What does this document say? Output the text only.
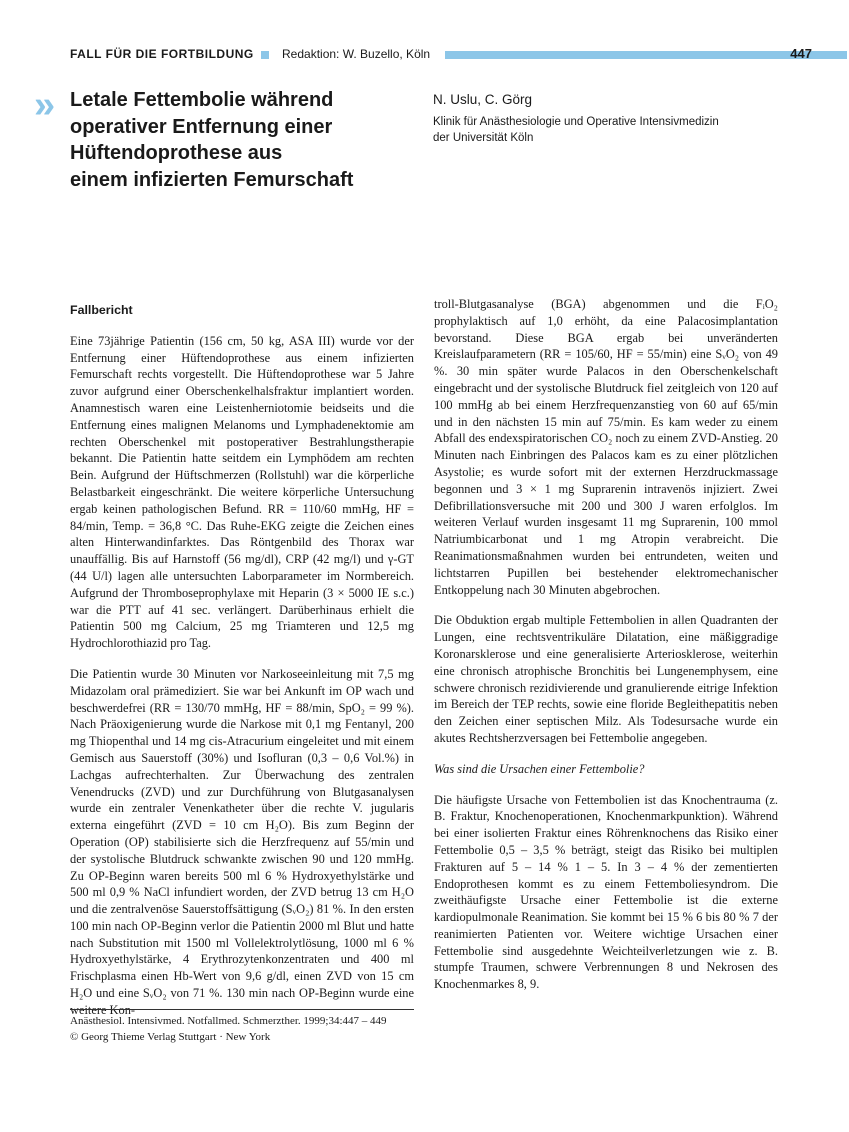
FALL FÜR DIE FORTBILDUNG Redaktion: W. Buzello, Köln	447
» Letale Fettembolie während
operativer Entfernung einer
Hüftendoprothese aus
einem infizierten Femurschaft
N. Uslu, C. Görg
Klinik für Anästhesiologie und Operative Intensivmedizin
der Universität Köln
Fallbericht

Eine 73jährige Patientin (156 cm, 50 kg, ASA III) wurde vor der Entfernung einer Hüftendoprothese aus einem infizierten Femurschaft rechts vorgestellt. Die Hüftendoprothese war 5 Jahre zuvor aufgrund einer Oberschenkelhalsfraktur implantiert worden. Anamnestisch waren eine Leistenherniotomie beidseits und die Entfernung eines malignen Melanoms und Lymphadenektomie am rechten Oberschenkel mit postoperativer Bestrahlungstherapie bekannt. Die Patientin hatte seitdem ein Lymphödem am rechten Bein. Aufgrund der Hüftschmerzen (Rollstuhl) war die körperliche Belastbarkeit eingeschränkt. Die weitere körperliche Untersuchung ergab keinen pathologischen Befund. RR = 110/60 mmHg, HF = 84/min, Temp. = 36,8 °C. Das Ruhe-EKG zeigte die Zeichen eines alten Hinterwandinfarktes. Das Röntgenbild des Thorax war unauffällig. Bis auf Harnstoff (56 mg/dl), CRP (42 mg/l) und γ-GT (44 U/l) lagen alle untersuchten Laborparameter im Normbereich. Aufgrund der Thromboseprophylaxe mit Heparin (3 × 5000 IE s.c.) war die PTT auf 41 sec. verlängert. Darüberhinaus erhielt die Patientin 500 mg Calcium, 25 mg Triamteren und 12,5 mg Hydrochlorothiazid pro Tag.

Die Patientin wurde 30 Minuten vor Narkoseeinleitung mit 7,5 mg Midazolam oral prämediziert. Sie war bei Ankunft im OP wach und beschwerdefrei (RR = 130/70 mmHg, HF = 88/min, SpO₂ = 99 %). Nach Präoxigenierung wurde die Narkose mit 0,1 mg Fentanyl, 200 mg Thiopenthal und 14 mg cis-Atracurium eingeleitet und mit einem Gemisch aus Sauerstoff (30%) und Isofluran (0,3 – 0,6 Vol.%) in Lachgas aufrechterhalten. Zur Überwachung des zentralen Venendrucks (ZVD) und zur Durchführung von Blutgasanalysen wurde ein zentraler Venenkatheter über die rechte V. jugularis externa eingeführt (ZVD = 10 cm H₂O). Bis zum Beginn der Operation (OP) stabilisierte sich die Herzfrequenz auf 55/min und der systolische Blutdruck schwankte zwischen 90 und 120 mmHg. Zu OP-Beginn waren bereits 500 ml 6 % Hydroxyethylstärke und 500 ml 0,9 % NaCl infundiert worden, der ZVD betrug 13 cm H₂O und die zentralvenöse Sauerstoffsättigung (SᵥO₂) 81 %. In den ersten 100 min nach OP-Beginn verlor die Patientin 2000 ml Blut und hatte nach Substitution mit 1500 ml Vollelektrolytlösung, 1000 ml 6 % Hydroxyethylstärke, 4 Erythrozytenkonzentraten und 400 ml Frischplasma einen Hb-Wert von 9,6 g/dl, einen ZVD von 15 cm H₂O und eine SᵥO₂ von 71 %. 130 min nach OP-Beginn wurde eine weitere Kon-

troll-Blutgasanalyse (BGA) abgenommen und die FᵢO₂ prophylaktisch auf 1,0 erhöht, da eine Palacosimplantation bevorstand. Diese BGA ergab bei unveränderten Kreislaufparametern (RR = 105/60, HF = 55/min) eine SᵥO₂ von 49 %. 30 min später wurde Palacos in den Oberschenkelschaft eingebracht und der systolische Blutdruck fiel zeitgleich von 120 auf 100 mmHg ab bei einem Herzfrequenzanstieg von 60 auf 65/min und in den nächsten 15 min auf 75/min. Es kam weder zu einem Abfall des endexspiratorischen CO₂ noch zu einem ZVD-Anstieg. 20 Minuten nach Einbringen des Palacos kam es zu einer plötzlichen Asystolie; es wurde sofort mit der externen Herzdruckmassage begonnen und 3 × 1 mg Suprarenin intravenös injiziert. Zwei Defibrillationsversuche mit 200 und 300 J waren erfolglos. Im weiteren Verlauf wurden insgesamt 11 mg Suprarenin, 100 mmol Natriumbicarbonat und 1 mg Atropin verabreicht. Die Reanimationsmaßnahmen wurden bei entrundeten, weiten und lichtstarren Pupillen bei bestehender elektromechanischer Entkoppelung nach 30 Minuten abgebrochen.

Die Obduktion ergab multiple Fettembolien in allen Quadranten der Lungen, eine rechtsventrikuläre Dilatation, eine mäßiggradige Koronarsklerose und eine generalisierte Arteriosklerose, weiterhin eine chronisch atrophische Bronchitis bei Lungenemphysem, eine schwere chronisch rezidivierende und granulierende eitrige Infektion im Bereich der TEP rechts, sowie eine floride Begleithepatitis neben den Zeichen einer septischen Milz. Als Todesursache wurde ein akutes Rechtsherzversagen bei Fettembolie angegeben.

Was sind die Ursachen einer Fettembolie?

Die häufigste Ursache von Fettembolien ist das Knochentrauma (z. B. Fraktur, Knochenoperationen, Knochenmarkpunktion). Während bei einer isolierten Fraktur eines Röhrenknochens das Risiko einer Fettembolie 0,5 – 3,5 % beträgt, steigt das Risiko bei multiplen Frakturen auf 5 – 14 % 1 – 5. In 3 – 4 % der zementierten Endoprothesen kommt es zu einem Fettemboliesyndrom. Die zweithäufigste Ursache einer Fettembolie ist die externe kardiopulmonale Reanimation. Sie kommt bei 15 % 6 bis 80 % 7 der reanimierten Patienten vor. Weitere wichtige Ursachen einer Fettembolie sind ausgedehnte Weichteilverletzungen wie z. B. stumpfe Traumen, schwere Verbrennungen 8 und Nekrosen des Knochenmarkes 8, 9.

Anästhesiol. Intensivmed. Notfallmed. Schmerzther. 1999;34:447 – 449
© Georg Thieme Verlag Stuttgart · New York
